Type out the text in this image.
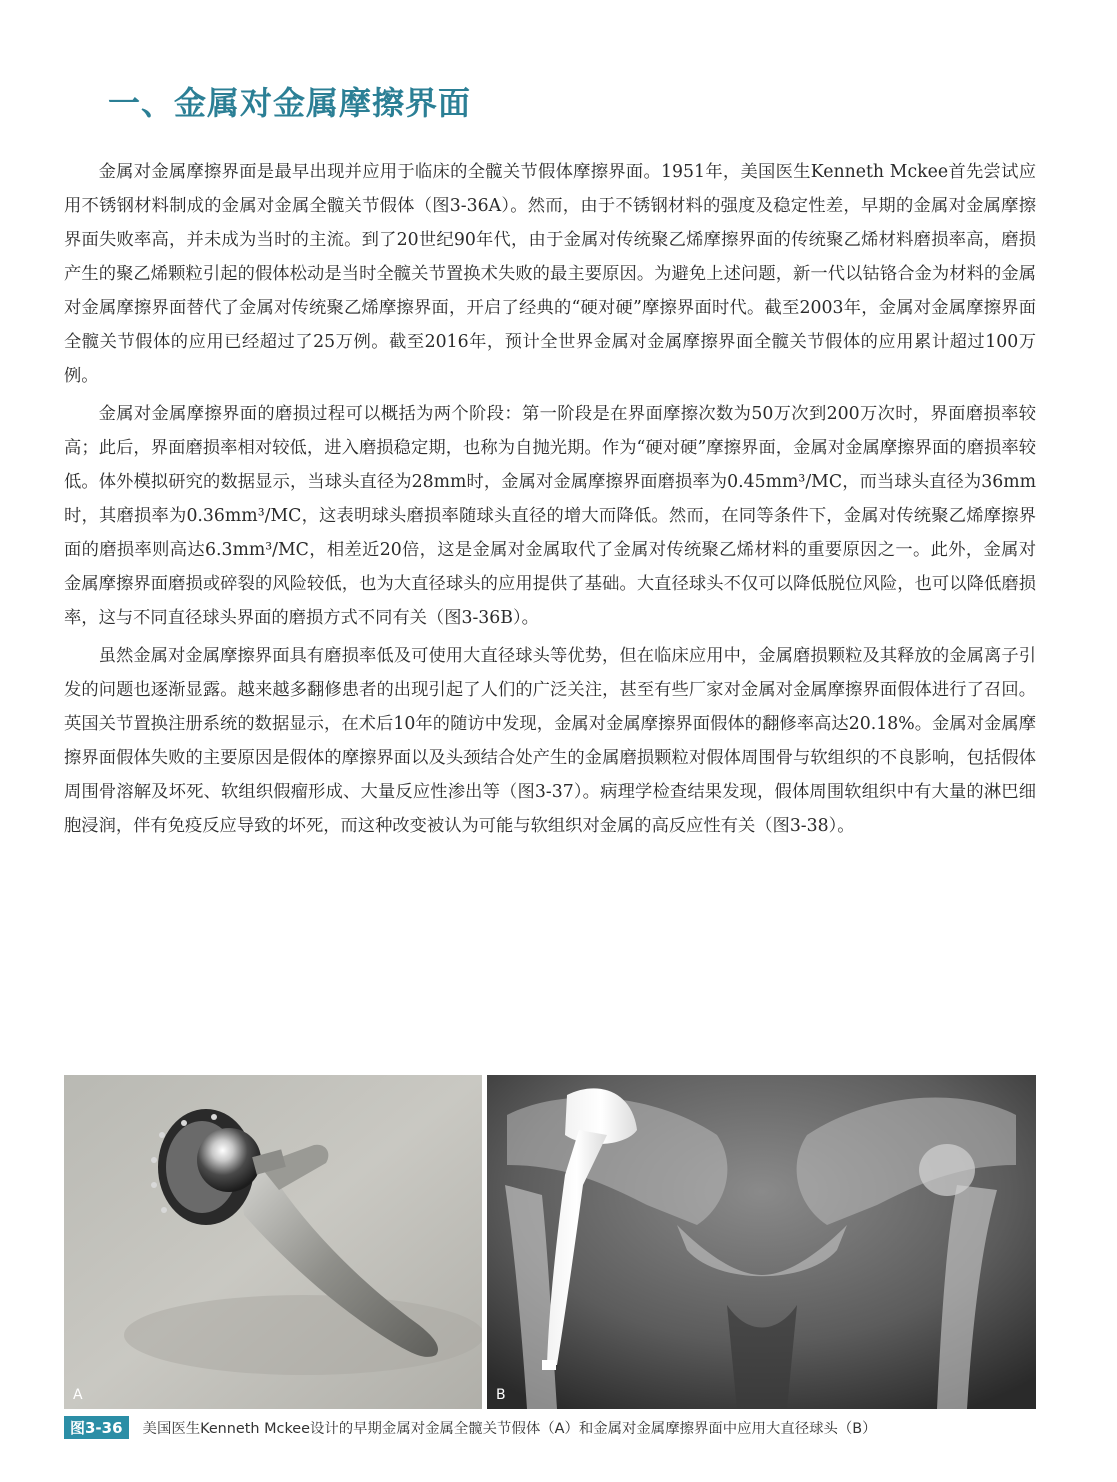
一、金属对金属摩擦界面

金属对金属摩擦界面是最早出现并应用于临床的全髋关节假体摩擦界面。1951年，美国医生Kenneth Mckee首先尝试应用不锈钢材料制成的金属对金属全髋关节假体（图3-36A）。然而，由于不锈钢材料的强度及稳定性差，早期的金属对金属摩擦界面失败率高，并未成为当时的主流。到了20世纪90年代，由于金属对传统聚乙烯摩擦界面的传统聚乙烯材料磨损率高，磨损产生的聚乙烯颗粒引起的假体松动是当时全髋关节置换术失败的最主要原因。为避免上述问题，新一代以钴铬合金为材料的金属对金属摩擦界面替代了金属对传统聚乙烯摩擦界面，开启了经典的“硬对硬”摩擦界面时代。截至2003年，金属对金属摩擦界面全髋关节假体的应用已经超过了25万例。截至2016年，预计全世界金属对金属摩擦界面全髋关节假体的应用累计超过100万例。

金属对金属摩擦界面的磨损过程可以概括为两个阶段：第一阶段是在界面摩擦次数为50万次到200万次时，界面磨损率较高；此后，界面磨损率相对较低，进入磨损稳定期，也称为自抛光期。作为“硬对硬”摩擦界面，金属对金属摩擦界面的磨损率较低。体外模拟研究的数据显示，当球头直径为28mm时，金属对金属摩擦界面磨损率为0.45mm³/MC，而当球头直径为36mm时，其磨损率为0.36mm³/MC，这表明球头磨损率随球头直径的增大而降低。然而，在同等条件下，金属对传统聚乙烯摩擦界面的磨损率则高达6.3mm³/MC，相差近20倍，这是金属对金属取代了金属对传统聚乙烯材料的重要原因之一。此外，金属对金属摩擦界面磨损或碎裂的风险较低，也为大直径球头的应用提供了基础。大直径球头不仅可以降低脱位风险，也可以降低磨损率，这与不同直径球头界面的磨损方式不同有关（图3-36B）。

虽然金属对金属摩擦界面具有磨损率低及可使用大直径球头等优势，但在临床应用中，金属磨损颗粒及其释放的金属离子引发的问题也逐渐显露。越来越多翻修患者的出现引起了人们的广泛关注，甚至有些厂家对金属对金属摩擦界面假体进行了召回。英国关节置换注册系统的数据显示，在术后10年的随访中发现，金属对金属摩擦界面假体的翻修率高达20.18%。金属对金属摩擦界面假体失败的主要原因是假体的摩擦界面以及头颈结合处产生的金属磨损颗粒对假体周围骨与软组织的不良影响，包括假体周围骨溶解及坏死、软组织假瘤形成、大量反应性渗出等（图3-37）。病理学检查结果发现，假体周围软组织中有大量的淋巴细胞浸润，伴有免疫反应导致的坏死，而这种改变被认为可能与软组织对金属的高反应性有关（图3-38）。

A	B
图3-36	美国医生Kenneth Mckee设计的早期金属对金属全髋关节假体（A）和金属对金属摩擦界面中应用大直径球头（B）
